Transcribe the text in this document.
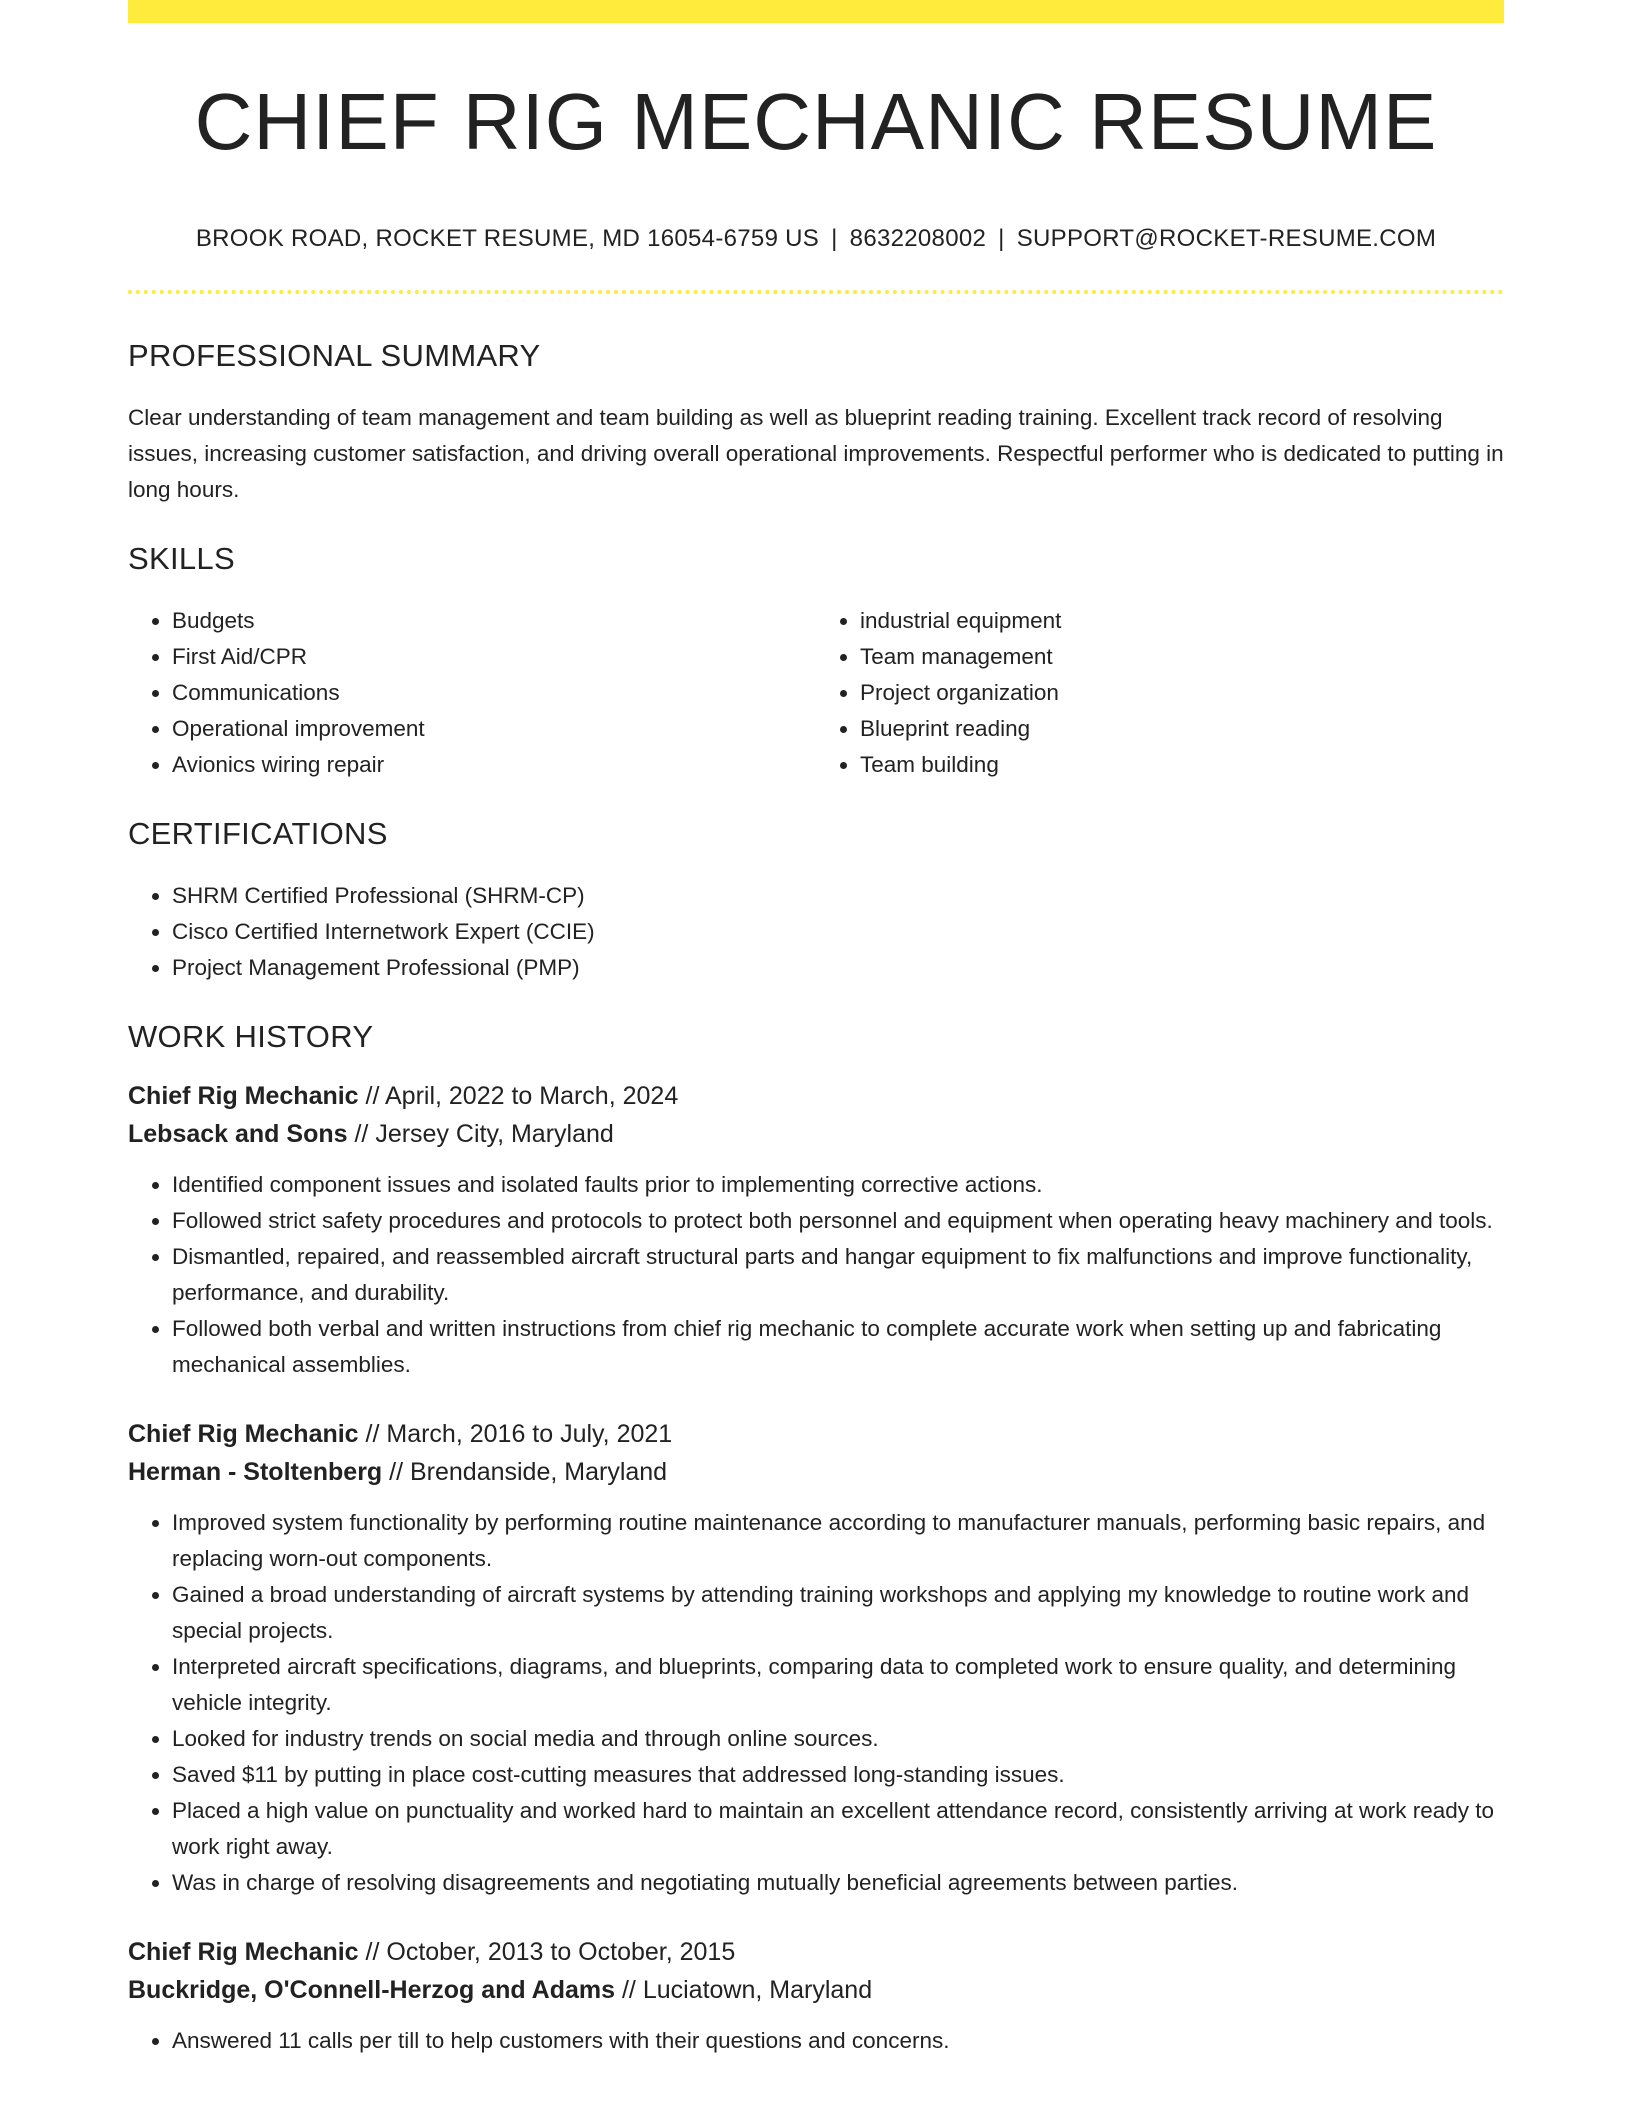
CHIEF RIG MECHANIC RESUME
BROOK ROAD, ROCKET RESUME, MD 16054-6759 US | 8632208002 | SUPPORT@ROCKET-RESUME.COM
PROFESSIONAL SUMMARY

Clear understanding of team management and team building as well as blueprint reading training. Excellent track record of resolving issues, increasing customer satisfaction, and driving overall operational improvements. Respectful performer who is dedicated to putting in long hours.

SKILLS
• Budgets
• First Aid/CPR
• Communications
• Operational improvement
• Avionics wiring repair
• industrial equipment
• Team management
• Project organization
• Blueprint reading
• Team building
CERTIFICATIONS
• SHRM Certified Professional (SHRM-CP)
• Cisco Certified Internetwork Expert (CCIE)
• Project Management Professional (PMP)
WORK HISTORY
Chief Rig Mechanic // April, 2022 to March, 2024
Lebsack and Sons // Jersey City, Maryland
• Identified component issues and isolated faults prior to implementing corrective actions.
• Followed strict safety procedures and protocols to protect both personnel and equipment when operating heavy machinery and tools.
• Dismantled, repaired, and reassembled aircraft structural parts and hangar equipment to fix malfunctions and improve functionality, performance, and durability.
• Followed both verbal and written instructions from chief rig mechanic to complete accurate work when setting up and fabricating mechanical assemblies.
Chief Rig Mechanic // March, 2016 to July, 2021
Herman - Stoltenberg // Brendanside, Maryland
• Improved system functionality by performing routine maintenance according to manufacturer manuals, performing basic repairs, and replacing worn-out components.
• Gained a broad understanding of aircraft systems by attending training workshops and applying my knowledge to routine work and special projects.
• Interpreted aircraft specifications, diagrams, and blueprints, comparing data to completed work to ensure quality, and determining vehicle integrity.
• Looked for industry trends on social media and through online sources.
• Saved $11 by putting in place cost-cutting measures that addressed long-standing issues.
• Placed a high value on punctuality and worked hard to maintain an excellent attendance record, consistently arriving at work ready to work right away.
• Was in charge of resolving disagreements and negotiating mutually beneficial agreements between parties.
Chief Rig Mechanic // October, 2013 to October, 2015
Buckridge, O'Connell-Herzog and Adams // Luciatown, Maryland
• Answered 11 calls per till to help customers with their questions and concerns.
